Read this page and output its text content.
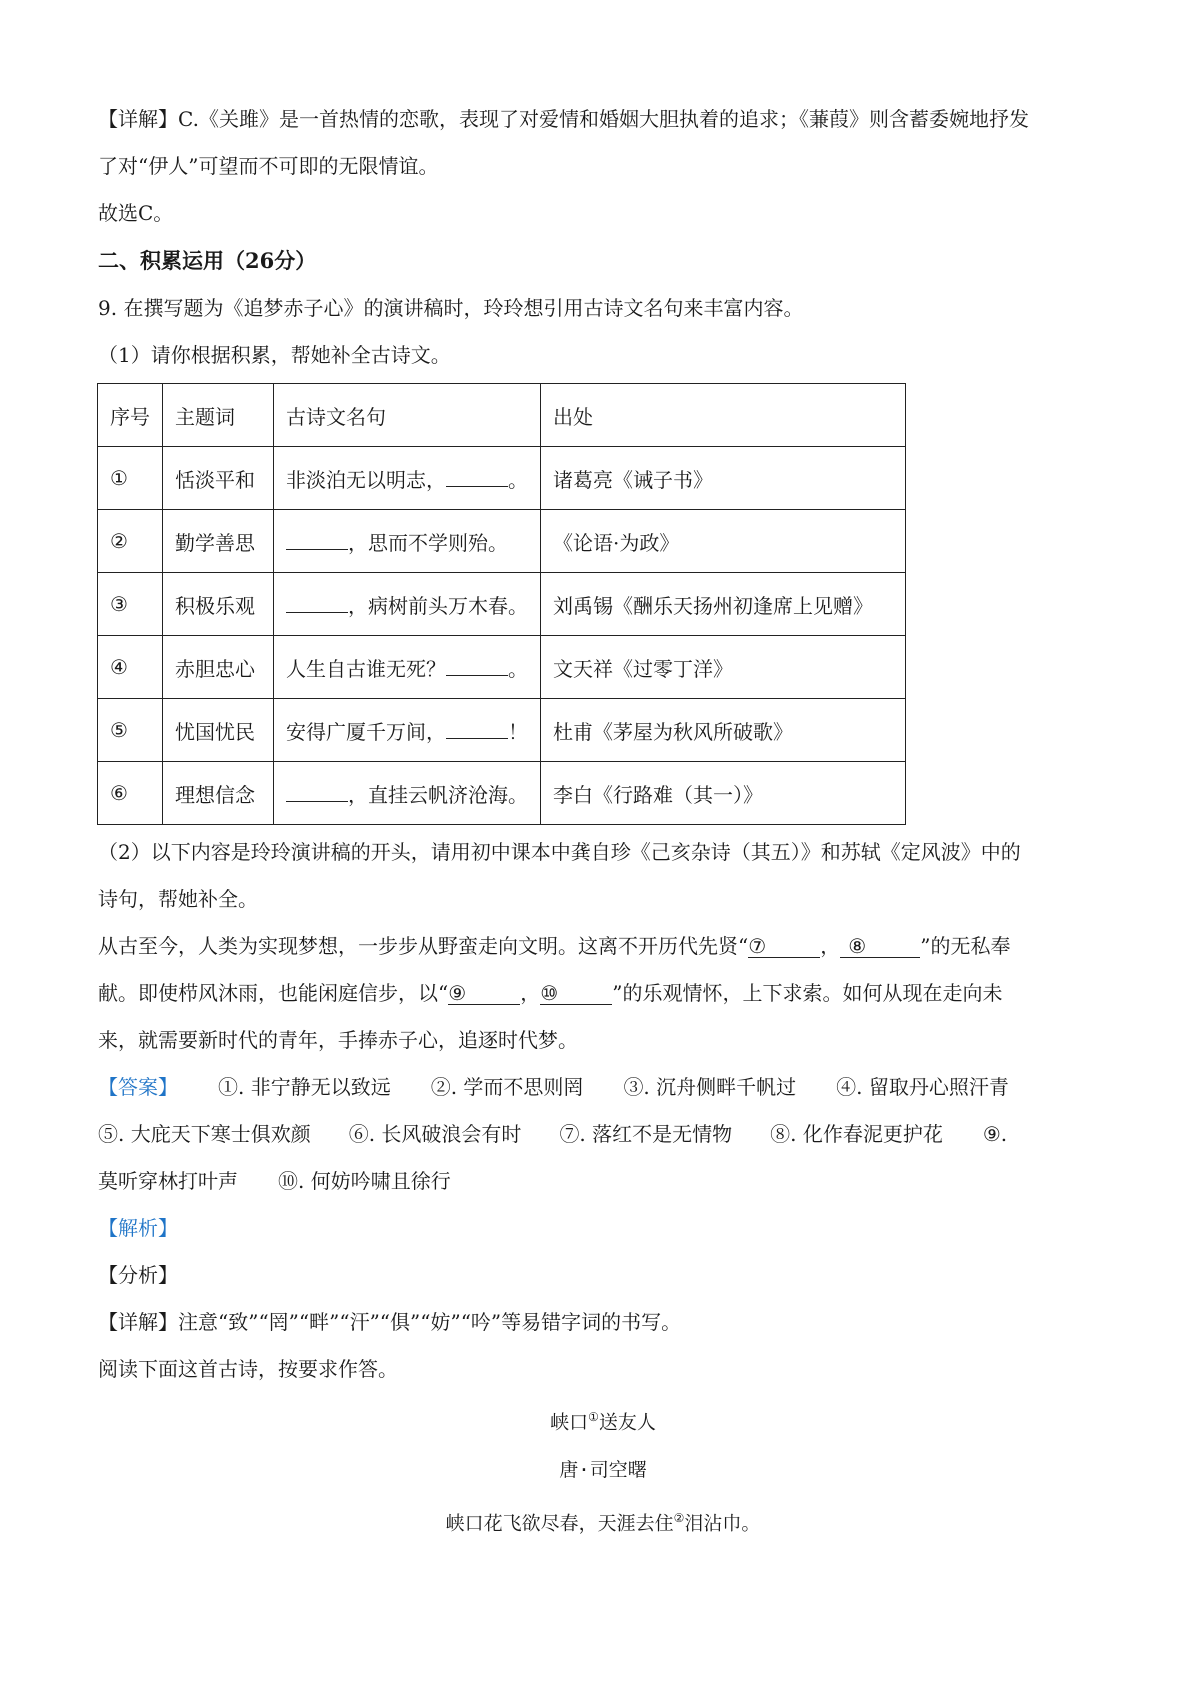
【详解】C.《关雎》是一首热情的恋歌，表现了对爱情和婚姻大胆执着的追求；《蒹葭》则含蓄委婉地抒发
了对“伊人”可望而不可即的无限情谊。
故选C。
二、积累运用（26分）
9. 在撰写题为《追梦赤子心》的演讲稿时，玲玲想引用古诗文名句来丰富内容。
（1）请你根据积累，帮她补全古诗文。
序号	主题词	古诗文名句	出处
①	恬淡平和	非淡泊无以明志， 。	诸葛亮《诫子书》
②	勤学善思	，思而不学则殆。	《论语·为政》
③	积极乐观	，病树前头万木春。	刘禹锡《酬乐天扬州初逢席上见赠》
④	赤胆忠心	人生自古谁无死？ 。	文天祥《过零丁洋》
⑤	忧国忧民	安得广厦千万间， ！	杜甫《茅屋为秋风所破歌》
⑥	理想信念	，直挂云帆济沧海。	李白《行路难（其一）》
（2）以下内容是玲玲演讲稿的开头，请用初中课本中龚自珍《己亥杂诗（其五）》和苏轼《定风波》中的
诗句，帮她补全。
从古至今，人类为实现梦想，一步步从野蛮走向文明。这离不开历代先贤“⑦	， ⑧	”的无私奉
献。即使栉风沐雨，也能闲庭信步，以“⑨	，⑩	”的乐观情怀，上下求索。如何从现在走向未
来，就需要新时代的青年，手捧赤子心，追逐时代梦。
【答案】 ①. 非宁静无以致远 ②. 学而不思则罔 ③. 沉舟侧畔千帆过 ④. 留取丹心照汗青
⑤. 大庇天下寒士俱欢颜 ⑥. 长风破浪会有时 ⑦. 落红不是无情物 ⑧. 化作春泥更护花 ⑨.
莫听穿林打叶声 ⑩. 何妨吟啸且徐行
【解析】
【分析】
【详解】注意“致”“罔”“畔”“汗”“俱”“妨”“吟”等易错字词的书写。
阅读下面这首古诗，按要求作答。
峡口①送友人
唐·司空曙
峡口花飞欲尽春，天涯去住②泪沾巾。
